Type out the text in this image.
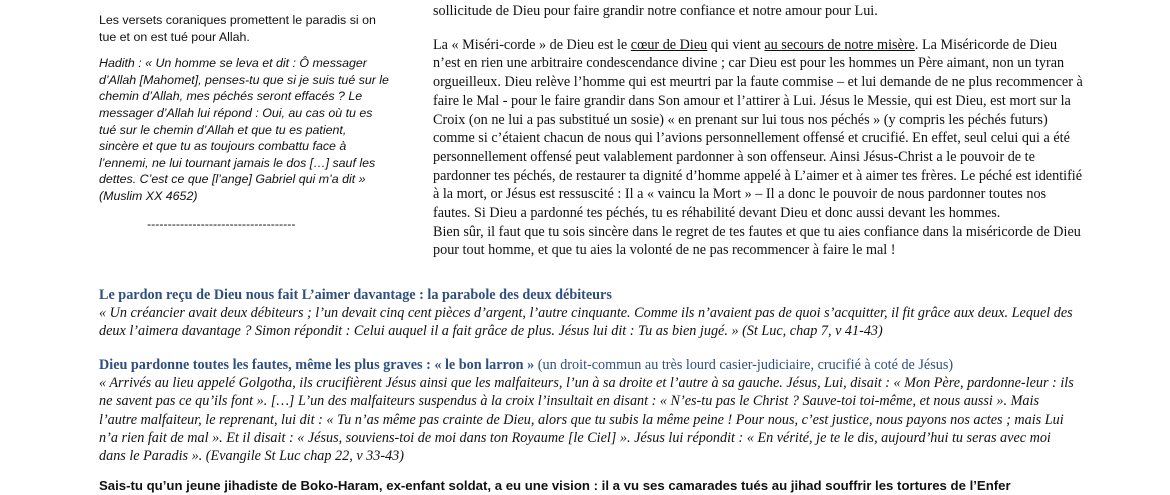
Les versets coraniques promettent le paradis si on tue et on est tué pour Allah.

Hadith : « Un homme se leva et dit : Ô messager d’Allah [Mahomet], penses-tu que si je suis tué sur le chemin d’Allah, mes péchés seront effacés ? Le messager d’Allah lui répond : Oui, au cas où tu es tué sur le chemin d’Allah et que tu es patient, sincère et que tu as toujours combattu face à l’ennemi, ne lui tournant jamais le dos […] sauf les dettes. C’est ce que [l’ange] Gabriel qui m’a dit » (Muslim XX 4652)

------------------------------------

sollicitude de Dieu pour faire grandir notre confiance et notre amour pour Lui.

La « Miséri-corde » de Dieu est le cœur de Dieu qui vient au secours de notre misère. La Miséricorde de Dieu n’est en rien une arbitraire condescendance divine ; car Dieu est pour les hommes un Père aimant, non un tyran orgueilleux. Dieu relève l’homme qui est meurtri par la faute commise – et lui demande de ne plus recommencer à faire le Mal - pour le faire grandir dans Son amour et l’attirer à Lui. Jésus le Messie, qui est Dieu, est mort sur la Croix (on ne lui a pas substitué un sosie) « en prenant sur lui tous nos péchés » (y compris les péchés futurs) comme si c’étaient chacun de nous qui l’avions personnellement offensé et crucifié. En effet, seul celui qui a été personnellement offensé peut valablement pardonner à son offenseur. Ainsi Jésus-Christ a le pouvoir de te pardonner tes péchés, de restaurer ta dignité d’homme appelé à L’aimer et à aimer tes frères. Le péché est identifié à la mort, or Jésus est ressuscité : Il a « vaincu la Mort » – Il a donc le pouvoir de nous pardonner toutes nos fautes. Si Dieu a pardonné tes péchés, tu es réhabilité devant Dieu et donc aussi devant les hommes.

Bien sûr, il faut que tu sois sincère dans le regret de tes fautes et que tu aies confiance dans la miséricorde de Dieu pour tout homme, et que tu aies la volonté de ne pas recommencer à faire le mal !

Le pardon reçu de Dieu nous fait L’aimer davantage : la parabole des deux débiteurs
« Un créancier avait deux débiteurs ; l’un devait cinq cent pièces d’argent, l’autre cinquante. Comme ils n’avaient pas de quoi s’acquitter, il fit grâce aux deux. Lequel des deux l’aimera davantage ? Simon répondit : Celui auquel il a fait grâce de plus. Jésus lui dit : Tu as bien jugé. » (St Luc, chap 7, v 41-43)
Dieu pardonne toutes les fautes, même les plus graves : « le bon larron » (un droit-commun au très lourd casier-judiciaire, crucifié à coté de Jésus)
« Arrivés au lieu appelé Golgotha, ils crucifièrent Jésus ainsi que les malfaiteurs, l’un à sa droite et l’autre à sa gauche. Jésus, Lui, disait : « Mon Père, pardonne-leur : ils ne savent pas ce qu’ils font ». […] L’un des malfaiteurs suspendus à la croix l’insultait en disant : « N’es-tu pas le Christ ? Sauve-toi toi-même, et nous aussi ». Mais l’autre malfaiteur, le reprenant, lui dit : « Tu n’as même pas crainte de Dieu, alors que tu subis la même peine ! Pour nous, c’est justice, nous payons nos actes ; mais Lui n’a rien fait de mal ». Et il disait : « Jésus, souviens-toi de moi dans ton Royaume [le Ciel] ». Jésus lui répondit : « En vérité, je te le dis, aujourd’hui tu seras avec moi dans le Paradis ». (Evangile St Luc chap 22, v 33-43)
Sais-tu qu’un jeune jihadiste de Boko-Haram, ex-enfant soldat, a eu une vision : il a vu ses camarades tués au jihad souffrir les tortures de l’Enfer
